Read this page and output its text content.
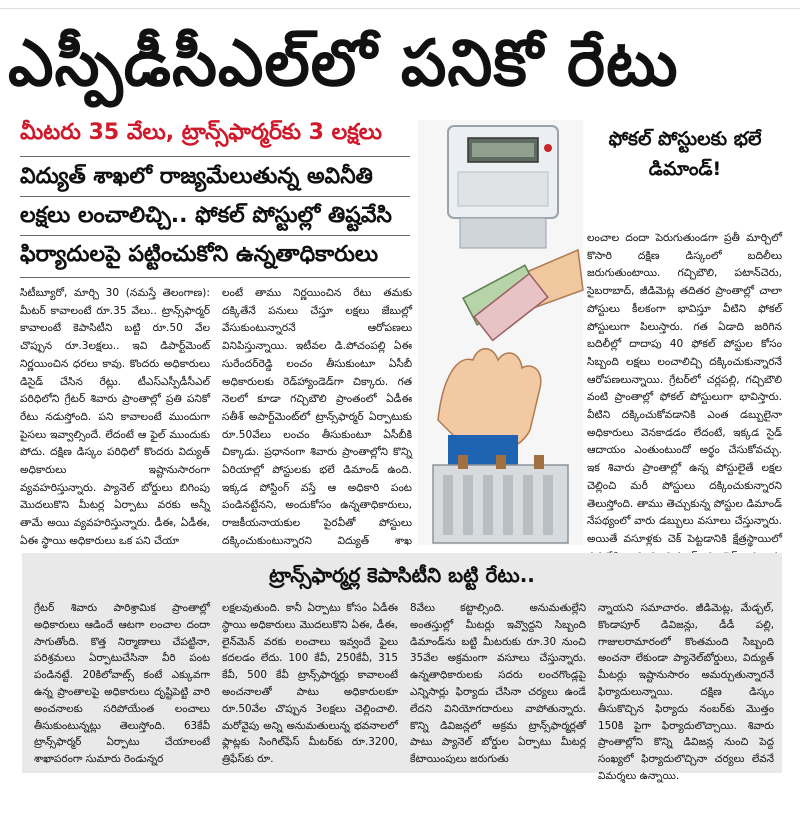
ఎస్పీడీసీఎల్‌లో పనికో రేటు
మీటరు 35 వేలు, ట్రాన్స్‌ఫార్మర్‌కు 3 లక్షలు
విద్యుత్ శాఖలో రాజ్యమేలుతున్న అవినీతి
లక్షలు లంచాలిచ్చి.. ఫోకల్ పోస్టుల్లో తిష్టవేసి
ఫిర్యాదులపై పట్టించుకోని ఉన్నతాధికారులు
సిటీబ్యూరో, మార్చి 30 (నమస్తే తెలంగాణ): మీటర్ కావాలంటే రూ.35 వేలు.. ట్రాన్స్‌ఫార్మర్ కావాలంటే కెపాసిటీని బట్టి రూ.50 వేల చొప్పున రూ.3లక్షలు.. ఇవి డిపార్ట్‌మెంట్ నిర్ణయించిన ధరలు కావు. కొందరు అధికారులు డిసైడ్ చేసిన రేట్లు. టీఎస్ఎస్పీడీసీఎల్ పరిధిలోని గ్రేటర్ శివారు ప్రాంతాల్లో ప్రతి పనికో రేటు నడుస్తోంది. పని కావాలంటే ముందుగా పైసలు ఇవ్వాల్సిందే. లేదంటే ఆ ఫైల్ ముందుకు పోదు. దక్షిణ డిస్కం పరిధిలో కొందరు విద్యుత్ అధికారులు ఇష్టానుసారంగా వ్యవహరిస్తున్నారు. ప్యానెల్ బోర్డులు బిగింపు మొదలుకొని మీటర్ల ఏర్పాటు వరకు అన్నీ తామే అయి వ్యవహరిస్తున్నారు. డీఈ, ఏడీఈ, ఏఈ స్థాయి అధికారులు ఒక పని చేయా
లంటే తాము నిర్ణయించిన రేటు తమకు దక్కితేనే పనులు చేస్తూ లక్షలు జేబుల్లో వేసుకుంటున్నారనే ఆరోపణలు వినిపిస్తున్నాయి. ఇటీవల డి.పోచంపల్లి ఏఈ సురేందర్‌రెడ్డి లంచం తీసుకుంటూ ఏసీబీ అధికారులకు రెడ్‌హ్యాండెడ్‌గా చిక్కారు. గత నెలలో కూడా గచ్చిబౌలి ప్రాంతంలో ఏడీఈ సతీశ్ అపార్ట్‌మెంట్‌లో ట్రాన్స్‌ఫార్మర్ ఏర్పాటుకు రూ.50వేలు లంచం తీసుకుంటూ ఏసీబీకి చిక్కాడు. ప్రధానంగా శివారు ప్రాంతాల్లోని కొన్ని ఏరియాల్లో పోస్టులకు భలే డిమాండ్ ఉంది. ఇక్కడ పోస్టింగ్ వస్తే ఆ అధికారి పంట పండినట్టేనని, అందుకోసం ఉన్నతాధికారులు, రాజకీయనాయకుల పైరవీతో పోస్టులు దక్కించుకుంటున్నారని విద్యుత్ శాఖ
ఫోకల్ పోస్టులకు భలే డిమాండ్!
లంచాల దందా పెరుగుతుండగా ప్రతీ మార్చిలో కొసారి దక్షిణ డిస్కంలో బదిలీలు జరుగుతుంటాయి. గచ్చిబౌలి, పటాన్‌చెరు, సైబరాబాద్, జీడిమెట్ల తదితర ప్రాంతాల్లో చాలా పోస్టులు కీలకంగా భావిస్తూ వీటిని ఫోకల్ పోస్టులుగా పిలుస్తారు. గత ఏడాది జరిగిన బదిలీల్లో దాదాపు 40 ఫోకల్ పోస్టుల కోసం సిబ్బంది లక్షలు లంచాలిచ్చి దక్కించుకున్నారనే ఆరోపణలున్నాయి. గ్రేటర్‌లో చర్లపల్లి, గచ్చిబౌలి వంటి ప్రాంతాల్లో ఫోకల్ పోస్టులుగా భావిస్తారు. వీటిని దక్కించుకోవడానికి ఎంత డబ్బులైనా అధికారులు వెనకాడడం లేదంటే, ఇక్కడ సైడ్ ఆదాయం ఎంతుంటుందో అర్థం చేసుకోవచ్చు. ఇక శివారు ప్రాంతాల్లో ఉన్న పోస్టులైతే లక్షల చెల్లించి మరీ పోస్టులు దక్కించుకున్నారని తెలుస్తోంది. తాము తెచ్చుకున్న పోస్టుల డిమాండ్ నేపథ్యంలో వారు డబ్బులు వసూలు చేస్తున్నారు. అయితే వసూళ్లకు చెక్ పెట్టడానికి క్షేత్రస్థాయిలో
ట్రాన్స్‌ఫార్మర్ల కెపాసిటీని బట్టి రేటు..
గ్రేటర్ శివారు పారిశ్రామిక ప్రాంతాల్లో అధికారులు ఆడిందే ఆటగా లంచాల దందా సాగుతోంది. కొత్త నిర్మాణాలు చేపట్టినా, పరిశ్రమలు ఏర్పాటుచేసినా వీరి పంట పండినట్టే. 20కిలోవాట్స్ కంటే ఎక్కువగా ఉన్న ప్రాంతాలపై అధికారులు దృష్టిపెట్టి వారి అంచనాలకు సరిపోయేంత లంచాలు తీసుకుంటున్నట్లు తెలుస్తోంది. 63కేవీ ట్రాన్స్‌ఫార్మర్ ఏర్పాటు చేయాలంటే శాఖాపరంగా సుమారు రెండున్నర
లక్షలవుతుంది. కానీ ఏర్పాటు కోసం ఏడీఈ స్థాయి అధికారులు మొదలుకొని ఏఈ, డీఈ, లైన్‌మెన్ వరకు లంచాలు ఇవ్వందే ఫైలు కదలడం లేదు. 100 కేవీ, 250కేవీ, 315 కేవీ, 500 కేవీ ట్రాన్స్‌ఫార్మర్లు కావాలంటే అంచనాలతో పాటు అధికారులకూ రూ.50వేల చొప్పున 3లక్షలు చెల్లించాలి. మరోవైపు అన్ని అనుమతులున్న భవనాలలో ఫ్లాట్లకు సింగిల్‌ఫేస్ మీటర్‌కు రూ.3200, త్రిఫేస్‌కు రూ.
8వేలు కట్టాల్సింది. అనుమతుల్లేని అంతస్తుల్లో మీటర్లు ఇవ్వొద్దని సిబ్బంది డిమాండ్‌ను బట్టి మీటరుకు రూ.30 నుంచి 35వేల అక్రమంగా వసూలు చేస్తున్నారు. ఉన్నతాధికారులకు సదరు లంచగొండ్లపై ఎన్నిసార్లు ఫిర్యాదు చేసినా చర్యలు ఉండే లేదని వినియోగదారులు వాపోతున్నారు. కొన్ని డివిజన్లలో అక్రమ ట్రాన్స్‌ఫార్మర్లతో పాటు ప్యానెల్ బోర్డుల ఏర్పాటు మీటర్ల కేటాయింపులు జరుగుతు
న్నాయని సమాచారం. జీడిమెట్ల, మేడ్చల్, కొండాపూర్ డివిజన్లు, డీడీ పల్లి, గాజులరామారంలో కొంతమంది సిబ్బంది అంచనా లేకుండా ప్యానెల్‌బోర్డులు, విద్యుత్ మీటర్లు ఇష్టానుసారం అమర్చుతున్నారనే ఫిర్యాదులున్నాయి. దక్షిణ డిస్కం తీసుకొచ్చిన ఫిర్యాదు నంబర్‌కు మొత్తం 150కి పైగా ఫిర్యాదులొచ్చాయి. శివారు ప్రాంతాల్లోని కొన్ని డివిజన్ల నుంచి పెద్ద సంఖ్యలో ఫిర్యాదులొచ్చినా చర్యలు లేవనే విమర్శలు ఉన్నాయి.
